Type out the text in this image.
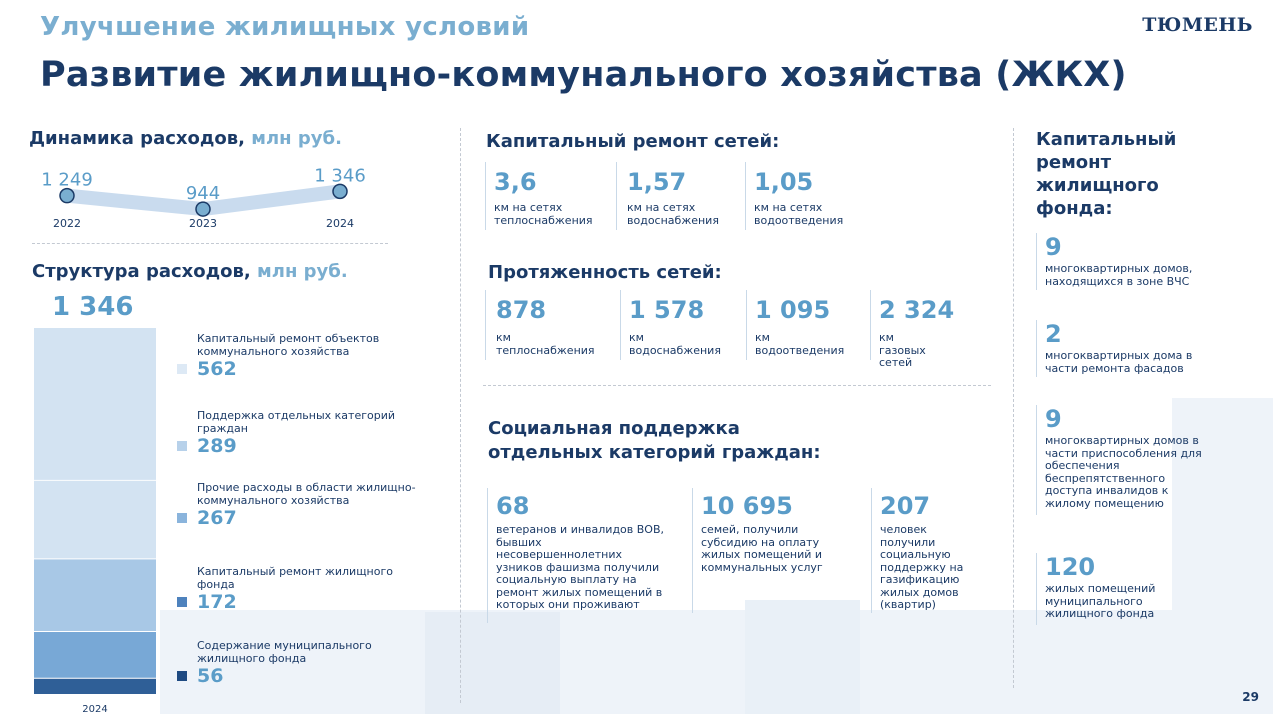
Улучшение жилищных условий
Развитие жилищно-коммунального хозяйства (ЖКХ)
ТЮМЕНЬ
29
Динамика расходов, млн руб.
1 249
2022
944
2023
1 346
2024
Структура расходов, млн руб.
1 346
2024
Капитальный ремонт объектов коммунального хозяйства
562
Поддержка отдельных категорий граждан
289
Прочие расходы в области жилищно-коммунального хозяйства
267
Капитальный ремонт жилищного фонда
172
Содержание муниципального жилищного фонда
56
Капитальный ремонт сетей:
3,6
км на сетях теплоснабжения
1,57
км на сетях водоснабжения
1,05
км на сетях водоотведения
Протяженность сетей:
878
км теплоснабжения
1 578
км водоснабжения
1 095
км водоотведения
2 324
км газовых сетей
Социальная поддержка
отдельных категорий граждан:
68
ветеранов и инвалидов ВОВ, бывших несовершеннолетних узников фашизма получили социальную выплату на ремонт жилых помещений в которых они проживают
10 695
семей, получили субсидию на оплату жилых помещений и коммунальных услуг
207
человек получили социальную поддержку на газификацию жилых домов (квартир)
Капитальный
ремонт
жилищного
фонда:
9
многоквартирных домов, находящихся в зоне ВЧС
2
многоквартирных дома в части ремонта фасадов
9
многоквартирных домов в части приспособления для обеспечения беспрепятственного доступа инвалидов к жилому помещению
120
жилых помещений муниципального жилищного фонда
